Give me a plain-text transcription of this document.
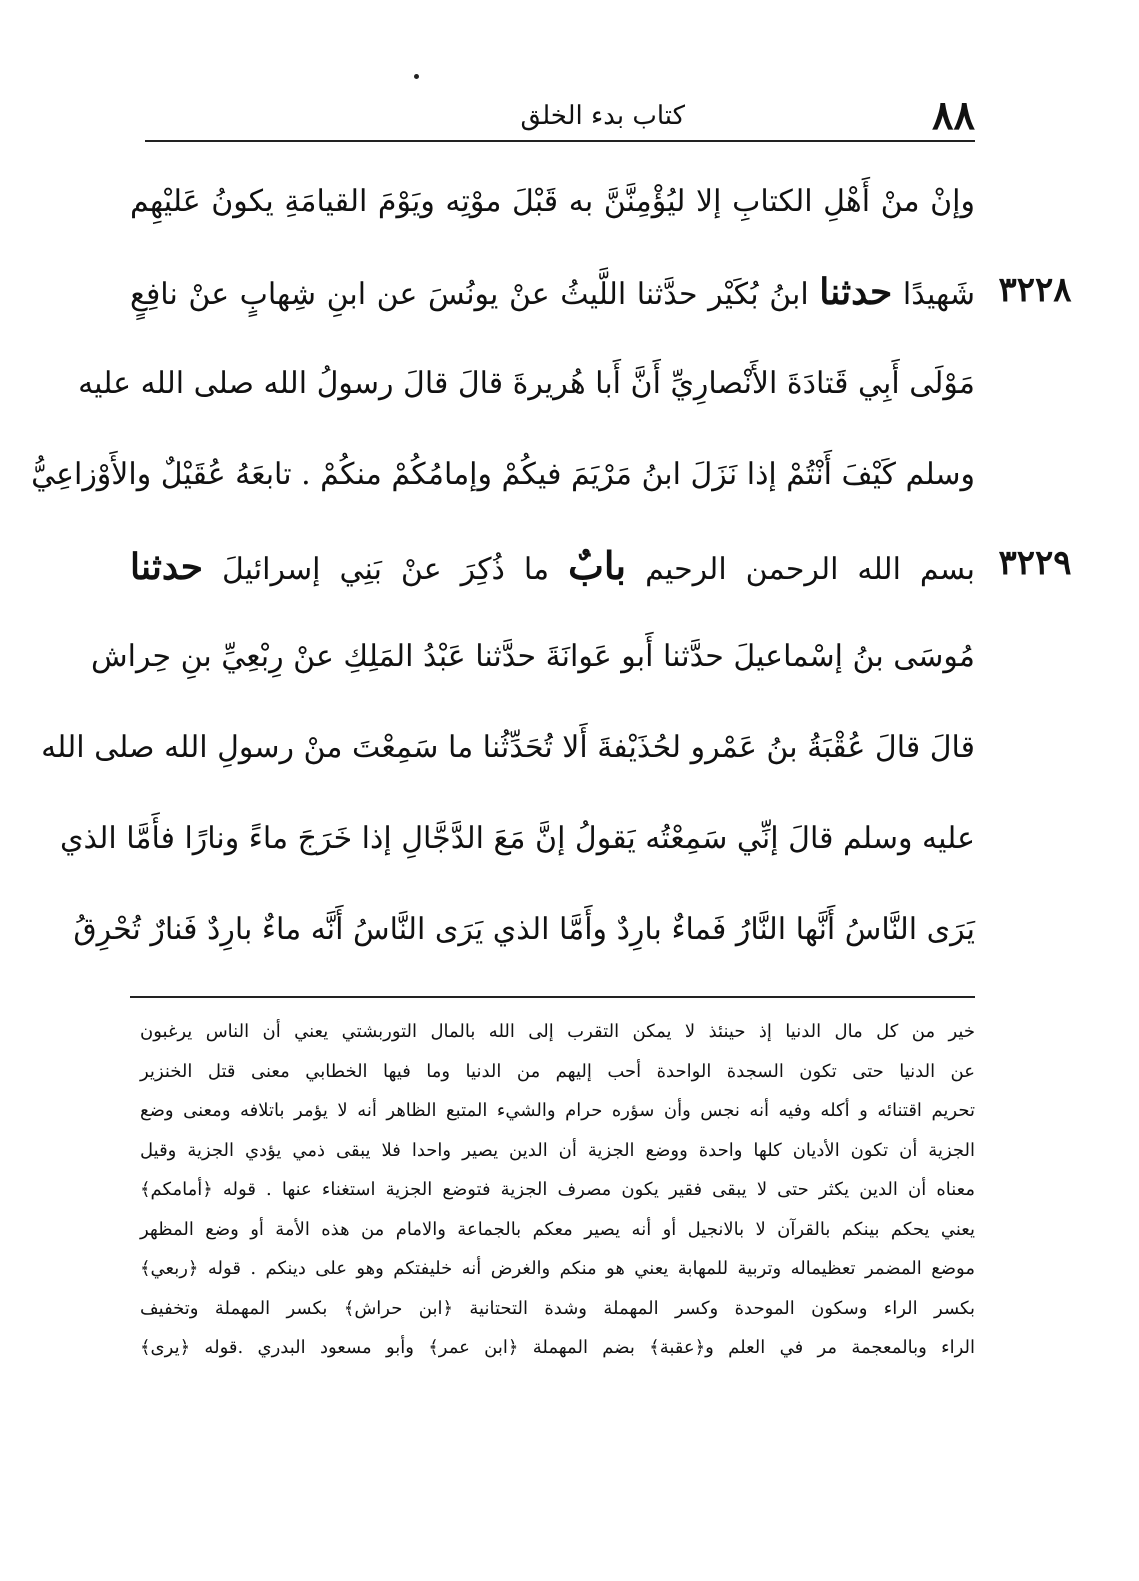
٨٨
كتاب بدء الخلق
٣٢٢٨
٣٢٢٩
وإنْ منْ أَهْلِ الكتابِ إلا ليُؤْمِنَّنَّ به قَبْلَ موْتِه ويَوْمَ القيامَةِ يكونُ عَليْهِم
شَهيدًا حدثنا ابنُ بُكَيْر حدَّثنا اللَّيثُ عنْ يونُسَ عن ابنِ شِهابٍ عنْ نافِعٍ
مَوْلَى أَبِي قَتادَةَ الأَنْصارِيِّ أَنَّ أَبا هُريرةَ قالَ قالَ رسولُ الله صلى الله عليه
وسلم كَيْفَ أَنْتُمْ إذا نَزَلَ ابنُ مَرْيَمَ فيكُمْ وإمامُكُمْ منكُمْ . تابعَهُ عُقَيْلٌ والأَوْزاعِيُّ
بسم الله الرحمن الرحيم بابٌ ما ذُكِرَ عنْ بَنِي إسرائيلَ حدثنا
مُوسَى بنُ إسْماعيلَ حدَّثنا أَبو عَوانَةَ حدَّثنا عَبْدُ المَلِكِ عنْ رِبْعِيِّ بنِ حِراش
قالَ قالَ عُقْبَةُ بنُ عَمْرو لحُذَيْفةَ أَلا تُحَدِّثُنا ما سَمِعْتَ منْ رسولِ الله صلى الله
عليه وسلم قالَ إنِّي سَمِعْتُه يَقولُ إنَّ مَعَ الدَّجَّالِ إذا خَرَجَ ماءً ونارًا فأَمَّا الذي
يَرَى النَّاسُ أَنَّها النَّارُ فَماءٌ بارِدٌ وأَمَّا الذي يَرَى النَّاسُ أَنَّه ماءٌ بارِدٌ فَنارٌ تُحْرِقُ
خير من كل مال الدنيا إذ حينئذ لا يمكن التقرب إلى الله بالمال التوربشتي يعني أن الناس يرغبون
عن الدنيا حتى تكون السجدة الواحدة أحب إليهم من الدنيا وما فيها الخطابي معنى قتل الخنزير
تحريم اقتنائه و أكله وفيه أنه نجس وأن سؤره حرام والشيء المتبع الظاهر أنه لا يؤمر باتلافه ومعنى وضع
الجزية أن تكون الأديان كلها واحدة ووضع الجزية أن الدين يصير واحدا فلا يبقى ذمي يؤدي الجزية وقيل
معناه أن الدين يكثر حتى لا يبقى فقير يكون مصرف الجزية فتوضع الجزية استغناء عنها . قوله ﴿أمامكم﴾
يعني يحكم بينكم بالقرآن لا بالانجيل أو أنه يصير معكم بالجماعة والامام من هذه الأمة أو وضع المظهر
موضع المضمر تعظيماله وتربية للمهابة يعني هو منكم والغرض أنه خليفتكم وهو على دينكم . قوله ﴿ربعي﴾
بكسر الراء وسكون الموحدة وكسر المهملة وشدة التحتانية ﴿ابن حراش﴾ بكسر المهملة وتخفيف
الراء وبالمعجمة مر في العلم و﴿عقبة﴾ بضم المهملة ﴿ابن عمر﴾ وأبو مسعود البدري .قوله ﴿يرى﴾
